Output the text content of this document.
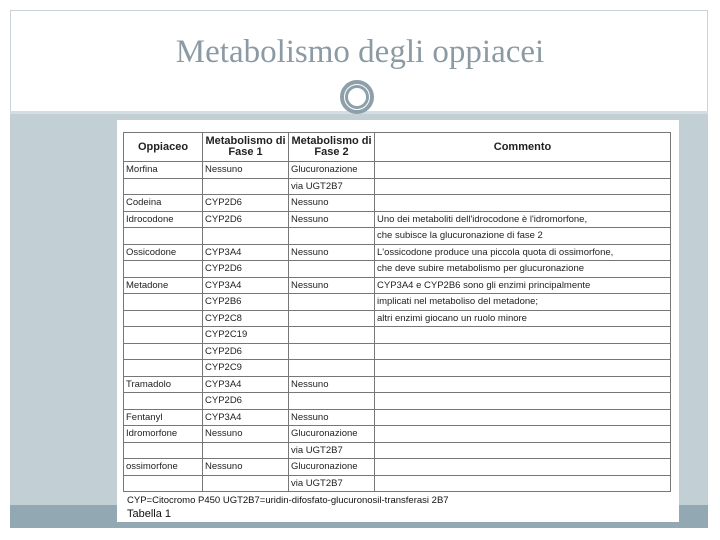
Metabolismo degli oppiacei
Oppiaceo	Metabolismo di Fase 1	Metabolismo di Fase 2	Commento
Morfina	Nessuno	Glucuronazione	
		via UGT2B7	
Codeina	CYP2D6	Nessuno	
Idrocodone	CYP2D6	Nessuno	Uno dei metaboliti dell'idrocodone è l'idromorfone,
			che subisce la glucuronazione di fase 2
Ossicodone	CYP3A4	Nessuno	L'ossicodone produce una piccola quota di ossimorfone,
	CYP2D6		che deve subire metabolismo per glucuronazione
Metadone	CYP3A4	Nessuno	CYP3A4 e CYP2B6 sono gli enzimi principalmente
	CYP2B6		implicati nel metaboliso del metadone;
	CYP2C8		altri enzimi giocano un ruolo minore
	CYP2C19		
	CYP2D6		
	CYP2C9		
Tramadolo	CYP3A4	Nessuno	
	CYP2D6		
Fentanyl	CYP3A4	Nessuno	
Idromorfone	Nessuno	Glucuronazione	
		via UGT2B7	
ossimorfone	Nessuno	Glucuronazione	
		via UGT2B7	
CYP=Citocromo P450 UGT2B7=uridin-difosfato-glucuronosil-transferasi 2B7
Tabella 1
